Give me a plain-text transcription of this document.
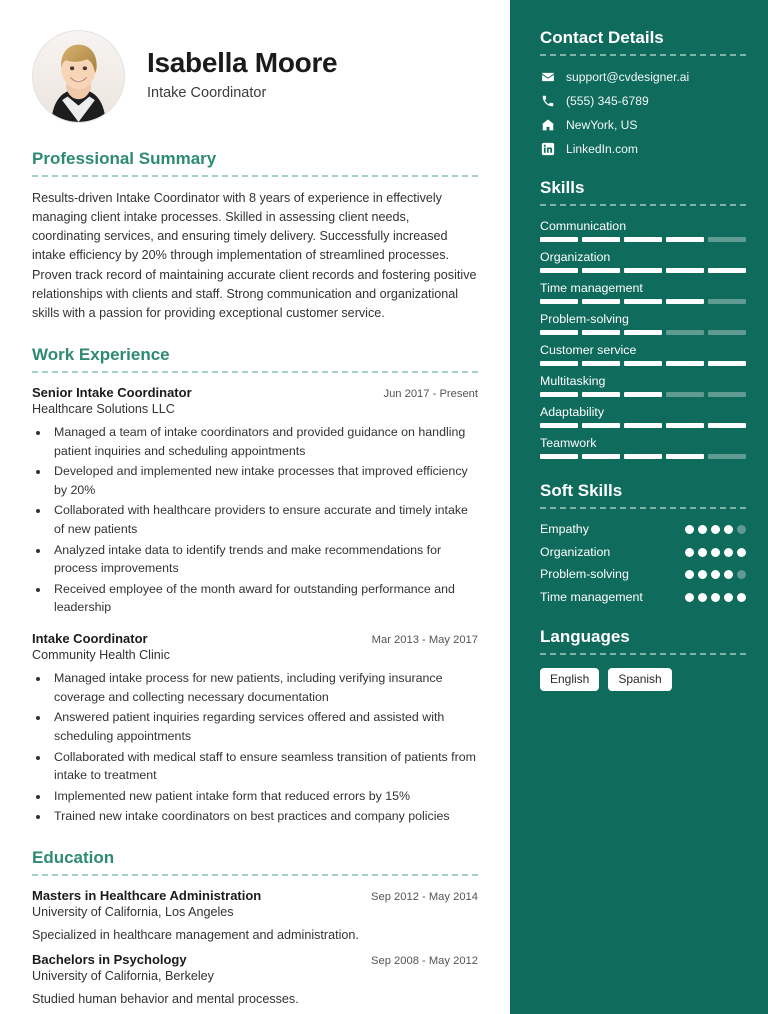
Isabella Moore
Intake Coordinator
Professional Summary
Results-driven Intake Coordinator with 8 years of experience in effectively managing client intake processes. Skilled in assessing client needs, coordinating services, and ensuring timely delivery. Successfully increased intake efficiency by 20% through implementation of streamlined processes. Proven track record of maintaining accurate client records and fostering positive relationships with clients and staff. Strong communication and organizational skills with a passion for providing exceptional customer service.
Work Experience
Senior Intake Coordinator	Jun 2017 - Present
Healthcare Solutions LLC
• Managed a team of intake coordinators and provided guidance on handling patient inquiries and scheduling appointments
• Developed and implemented new intake processes that improved efficiency by 20%
• Collaborated with healthcare providers to ensure accurate and timely intake of new patients
• Analyzed intake data to identify trends and make recommendations for process improvements
• Received employee of the month award for outstanding performance and leadership
Intake Coordinator	Mar 2013 - May 2017
Community Health Clinic
• Managed intake process for new patients, including verifying insurance coverage and collecting necessary documentation
• Answered patient inquiries regarding services offered and assisted with scheduling appointments
• Collaborated with medical staff to ensure seamless transition of patients from intake to treatment
• Implemented new patient intake form that reduced errors by 15%
• Trained new intake coordinators on best practices and company policies
Education
Masters in Healthcare Administration	Sep 2012 - May 2014
University of California, Los Angeles
Specialized in healthcare management and administration.
Bachelors in Psychology	Sep 2008 - May 2012
University of California, Berkeley
Studied human behavior and mental processes.
Contact Details
support@cvdesigner.ai
(555) 345-6789
NewYork, US
LinkedIn.com
Skills
Communication
Organization
Time management
Problem-solving
Customer service
Multitasking
Adaptability
Teamwork
Soft Skills
Empathy
Organization
Problem-solving
Time management
Languages
English	Spanish
